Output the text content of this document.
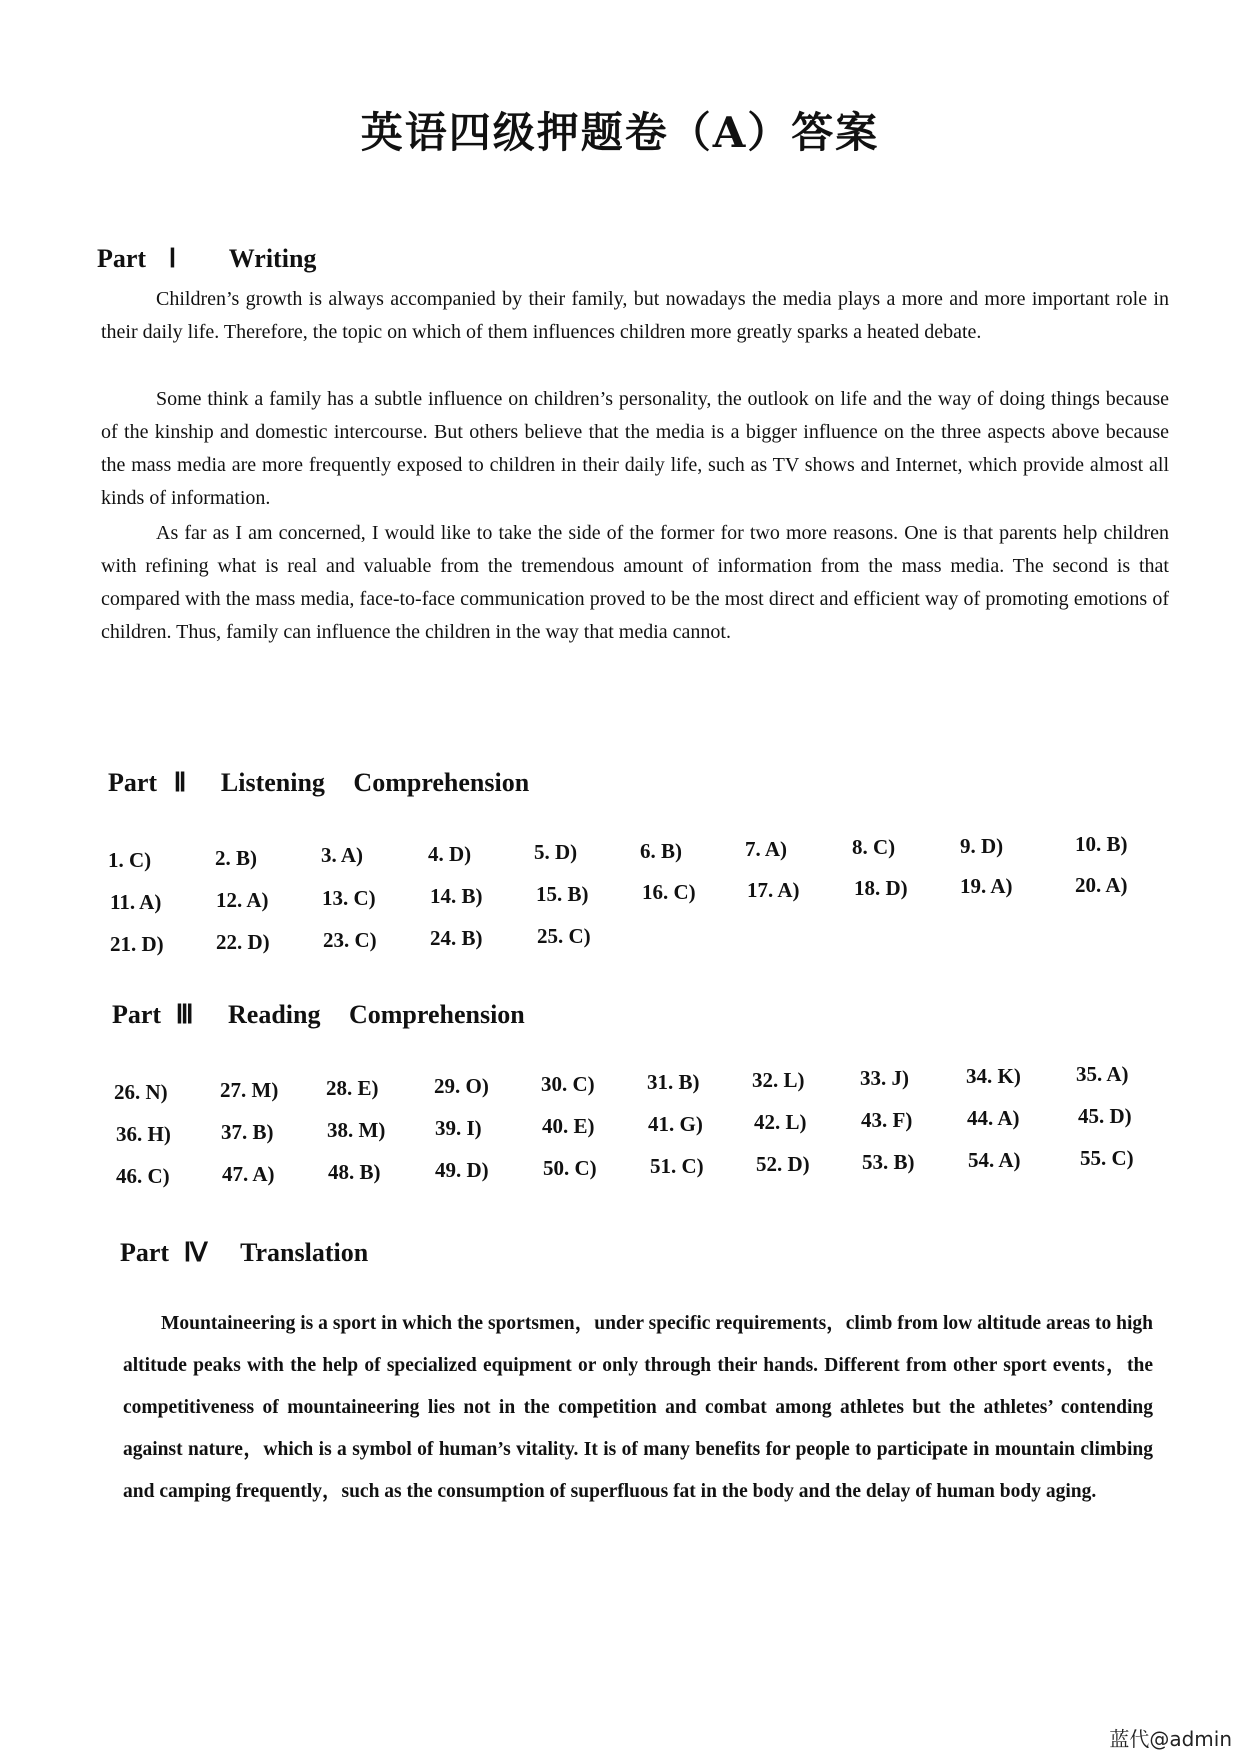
英语四级押题卷（A）答案
Part Ⅰ Writing
Children’s growth is always accompanied by their family, but nowadays the media plays a more and more important role in their daily life. Therefore, the topic on which of them influences children more greatly sparks a heated debate.
Some think a family has a subtle influence on children’s personality, the outlook on life and the way of doing things because of the kinship and domestic intercourse. But others believe that the media is a bigger influence on the three aspects above because the mass media are more frequently exposed to children in their daily life, such as TV shows and Internet, which provide almost all kinds of information.
As far as I am concerned, I would like to take the side of the former for two more reasons. One is that parents help children with refining what is real and valuable from the tremendous amount of information from the mass media. The second is that compared with the mass media, face-to-face communication proved to be the most direct and efficient way of promoting emotions of children. Thus, family can influence the children in the way that media cannot.
Part Ⅱ Listening Comprehension
1. C)	2. B)	3. A)	4. D)	5. D)	6. B)	7. A)	8. C)	9. D)	10. B)
11. A)	12. A)	13. C)	14. B)	15. B)	16. C) 17. A)	18. D) 19. A)	20. A)
21. D) 22. D)	23. C)	24. B)	25. C)
Part Ⅲ Reading Comprehension
26. N) 27. M) 28. E)	29. O) 30. C) 31. B)	32. L)	33. J)	34. K)	35. A)
36. H) 37. B)	38. M) 39. I)	40. E)	41. G) 42. L)	43. F)	44. A)	45. D)
46. C) 47. A)	48. B)	49. D)	50. C)	51. C) 52. D) 53. B)	54. A)	55. C)
Part Ⅳ Translation
Mountaineering is a sport in which the sportsmen，under specific requirements，climb from low altitude areas to high altitude peaks with the help of specialized equipment or only through their hands. Different from other sport events，the competitiveness of mountaineering lies not in the competition and combat among athletes but the athletes’ contending against nature，which is a symbol of human’s vitality. It is of many benefits for people to participate in mountain climbing and camping frequently，such as the consumption of superfluous fat in the body and the delay of human body aging.
蓝代@admin
